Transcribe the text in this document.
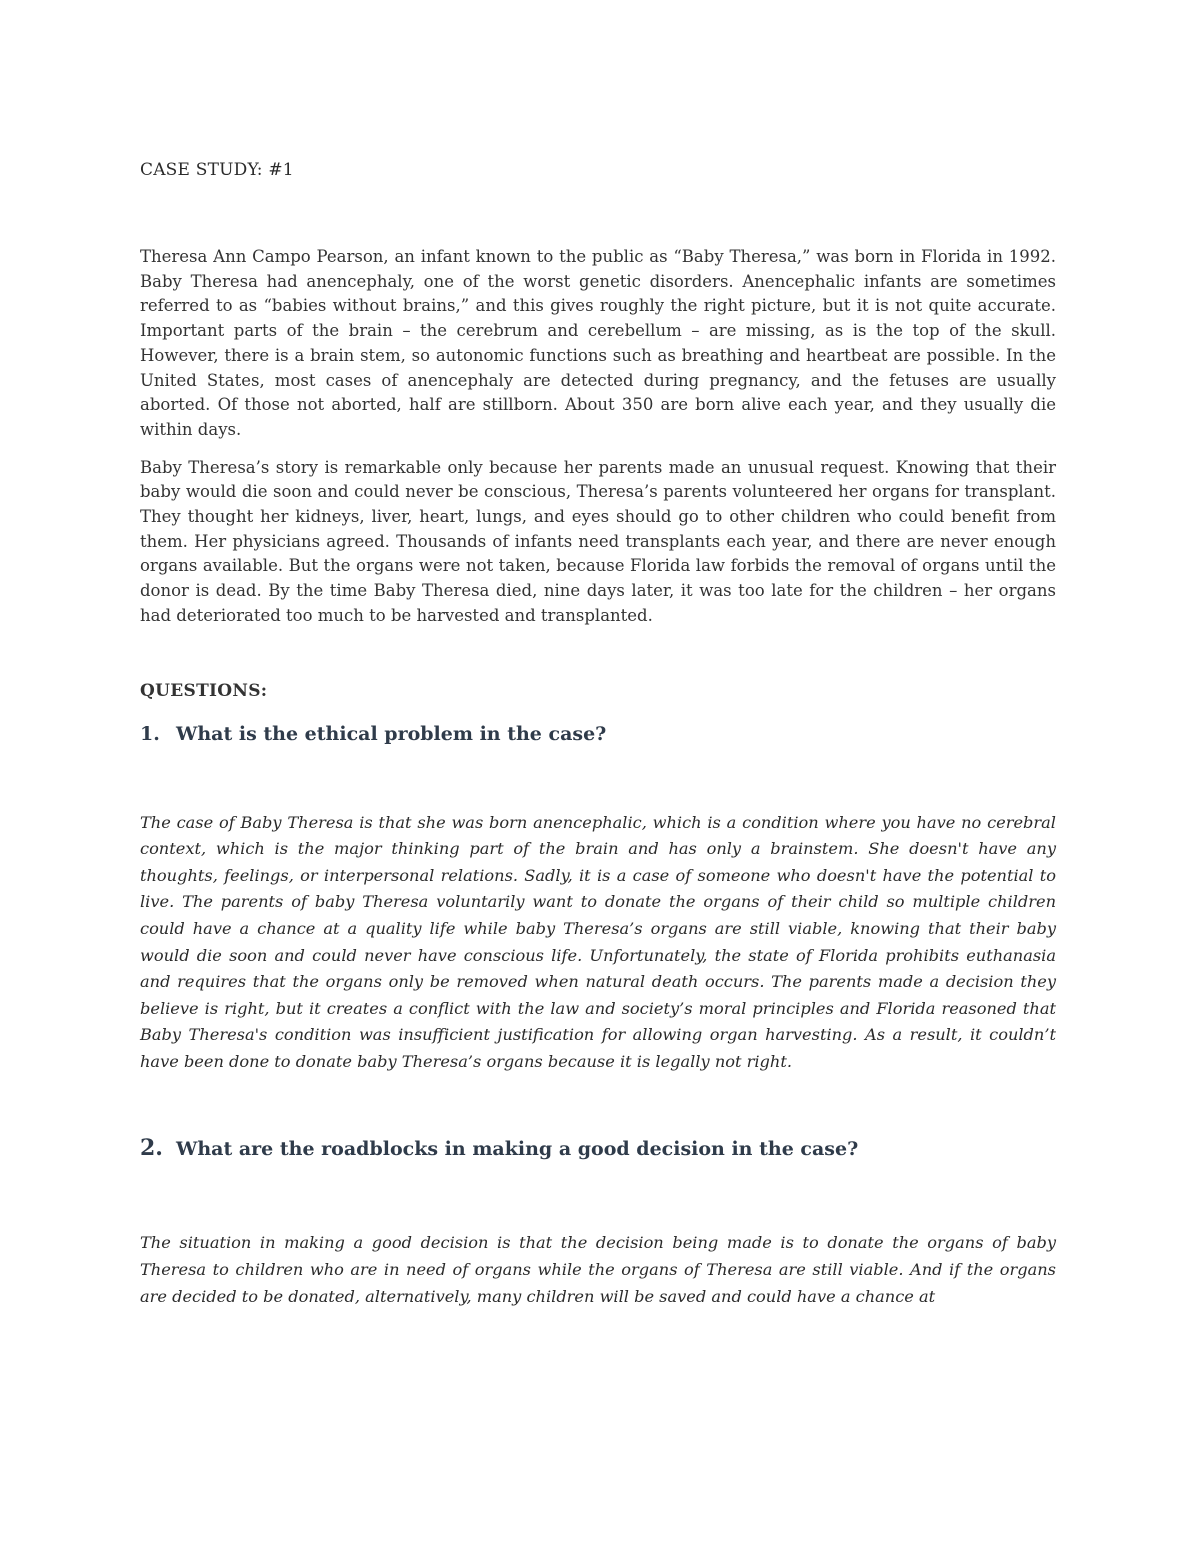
CASE STUDY: #1

Theresa Ann Campo Pearson, an infant known to the public as “Baby Theresa,” was born in Florida in 1992. Baby Theresa had anencephaly, one of the worst genetic disorders. Anencephalic infants are sometimes referred to as “babies without brains,” and this gives roughly the right picture, but it is not quite accurate. Important parts of the brain – the cerebrum and cerebellum – are missing, as is the top of the skull. However, there is a brain stem, so autonomic functions such as breathing and heartbeat are possible. In the United States, most cases of anencephaly are detected during pregnancy, and the fetuses are usually aborted. Of those not aborted, half are stillborn. About 350 are born alive each year, and they usually die within days.

Baby Theresa’s story is remarkable only because her parents made an unusual request. Knowing that their baby would die soon and could never be conscious, Theresa’s parents volunteered her organs for transplant. They thought her kidneys, liver, heart, lungs, and eyes should go to other children who could benefit from them. Her physicians agreed. Thousands of infants need transplants each year, and there are never enough organs available. But the organs were not taken, because Florida law forbids the removal of organs until the donor is dead. By the time Baby Theresa died, nine days later, it was too late for the children – her organs had deteriorated too much to be harvested and transplanted.

QUESTIONS:
1. What is the ethical problem in the case?

The case of Baby Theresa is that she was born anencephalic, which is a condition where you have no cerebral context, which is the major thinking part of the brain and has only a brainstem. She doesn't have any thoughts, feelings, or interpersonal relations. Sadly, it is a case of someone who doesn't have the potential to live. The parents of baby Theresa voluntarily want to donate the organs of their child so multiple children could have a chance at a quality life while baby Theresa’s organs are still viable, knowing that their baby would die soon and could never have conscious life. Unfortunately, the state of Florida prohibits euthanasia and requires that the organs only be removed when natural death occurs. The parents made a decision they believe is right, but it creates a conflict with the law and society’s moral principles and Florida reasoned that Baby Theresa's condition was insufficient justification for allowing organ harvesting. As a result, it couldn’t have been done to donate baby Theresa’s organs because it is legally not right.

2. What are the roadblocks in making a good decision in the case?

The situation in making a good decision is that the decision being made is to donate the organs of baby Theresa to children who are in need of organs while the organs of Theresa are still viable. And if the organs are decided to be donated, alternatively, many children will be saved and could have a chance at
